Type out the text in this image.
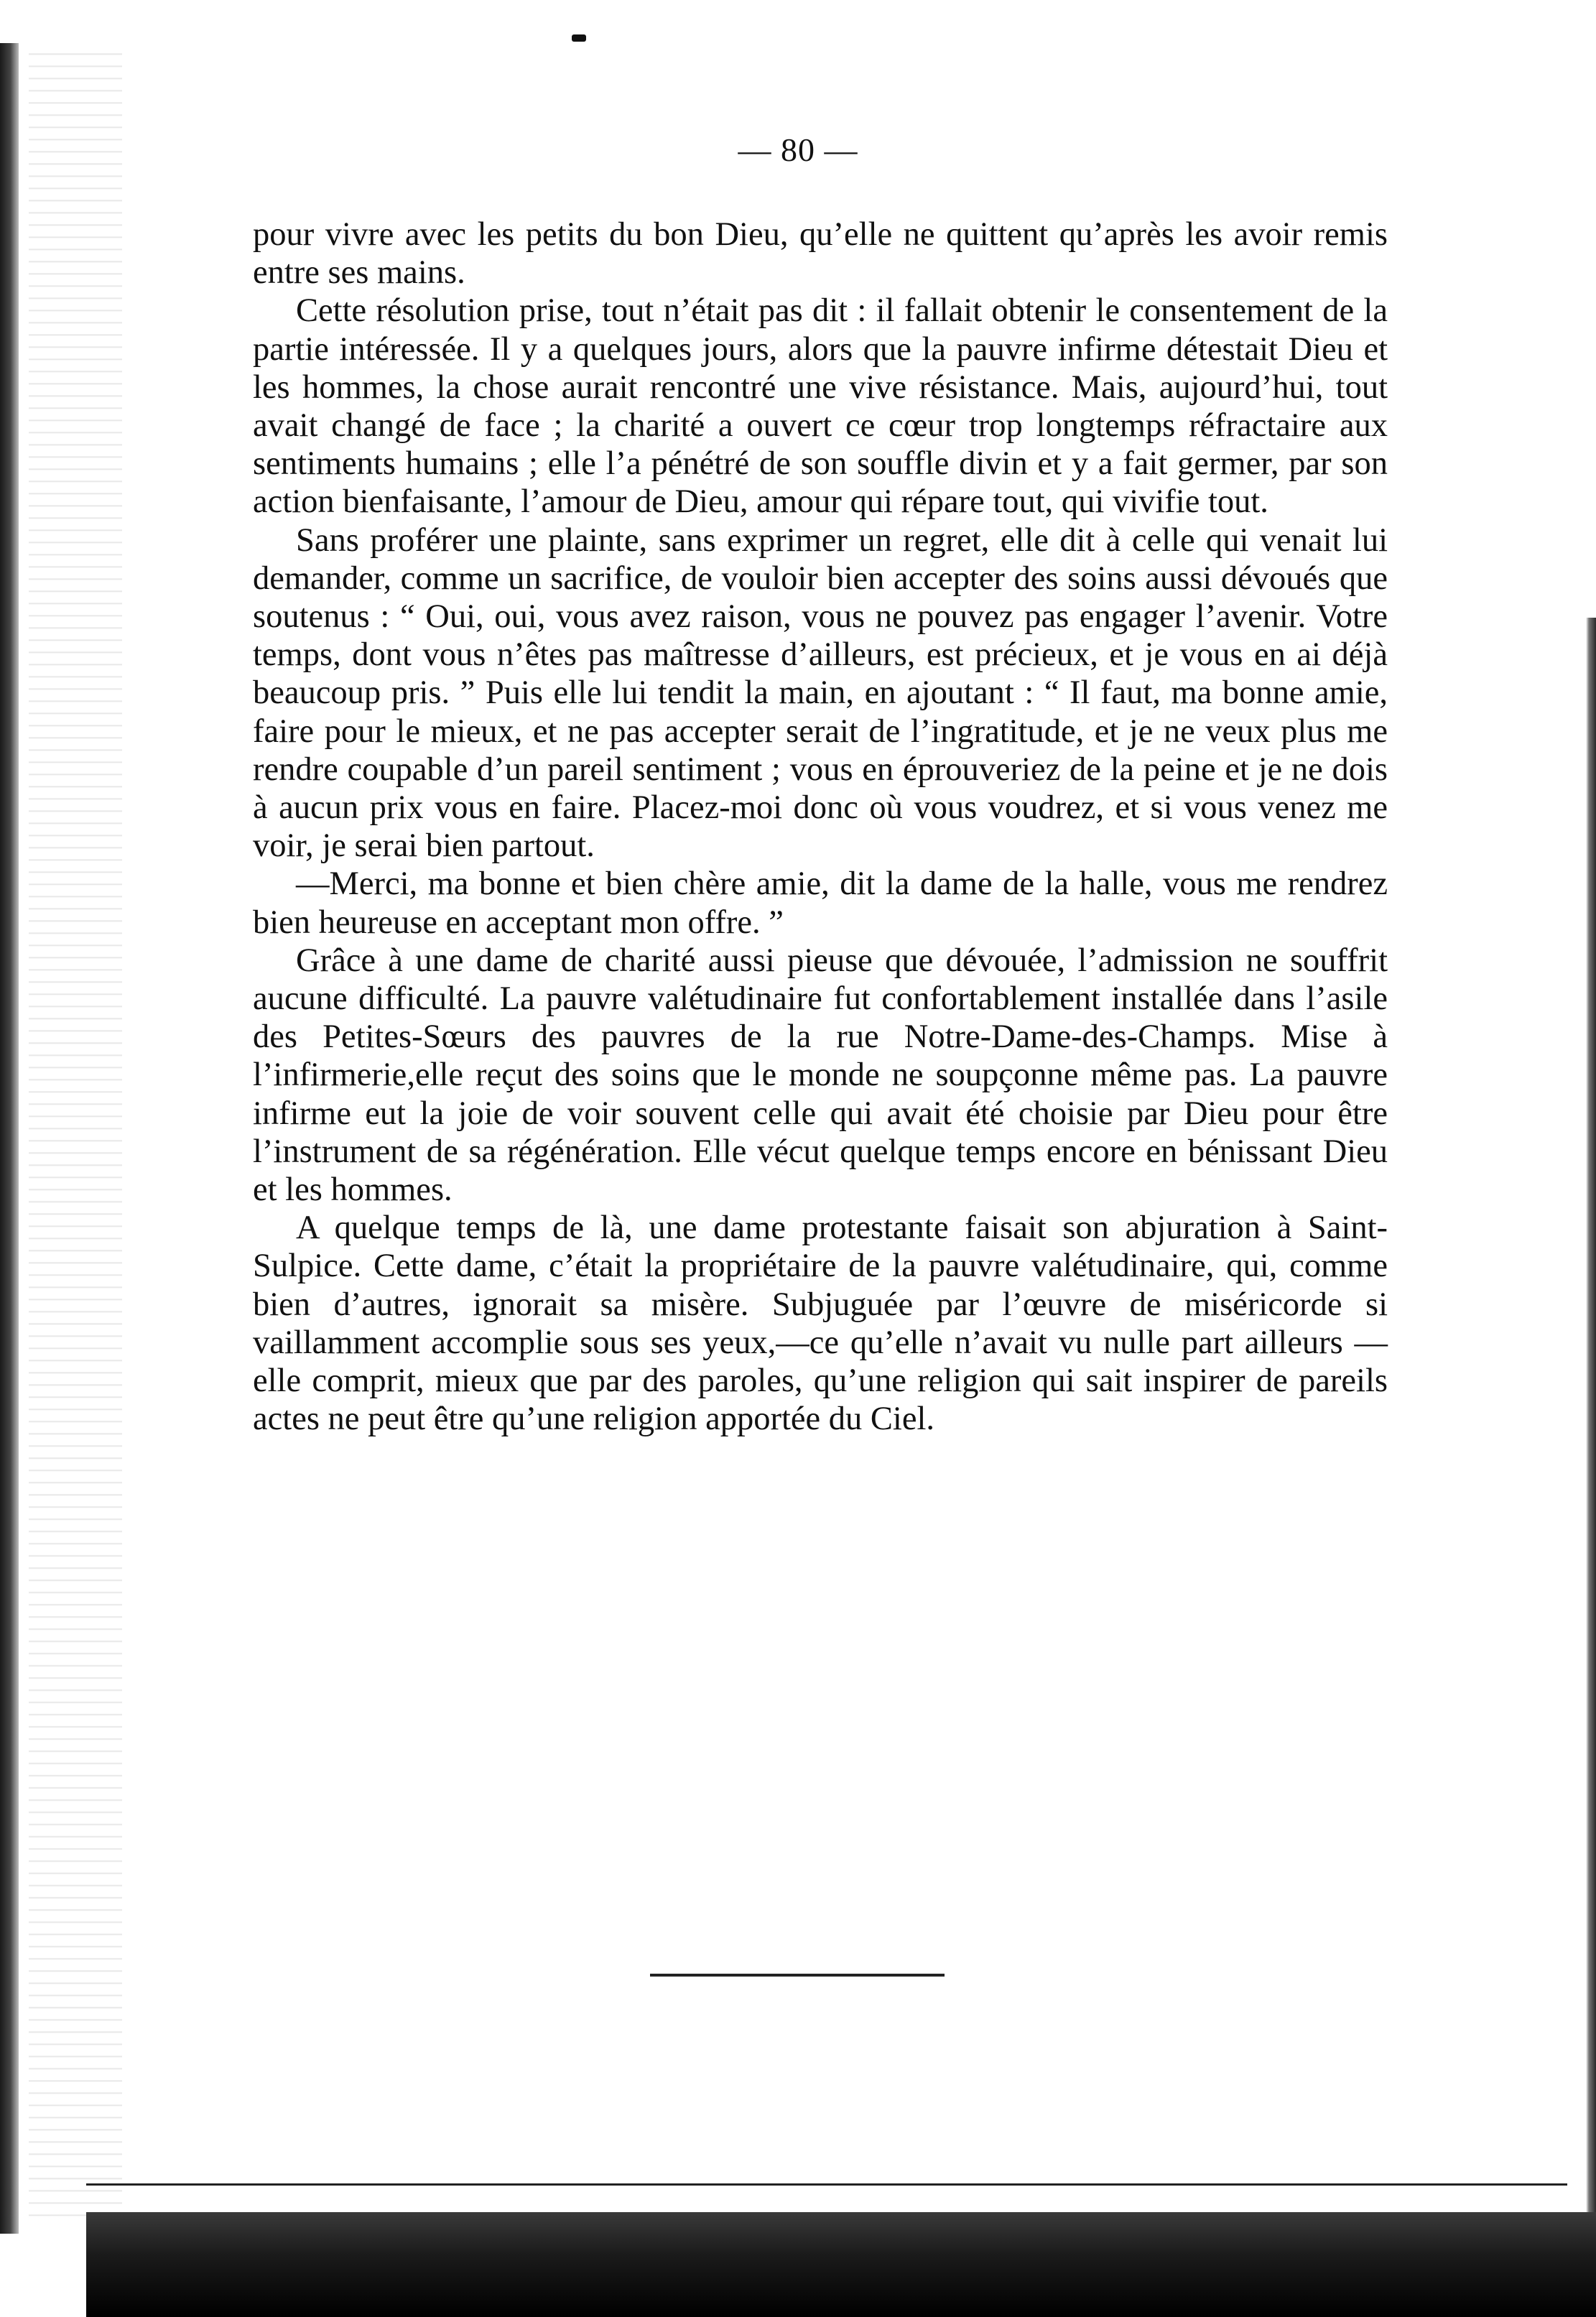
— 80 —

pour vivre avec les petits du bon Dieu, qu’elle ne quittent qu’après les avoir remis entre ses mains.

Cette résolution prise, tout n’était pas dit : il fallait obtenir le consentement de la partie intéressée. Il y a quelques jours, alors que la pauvre infirme détestait Dieu et les hommes, la chose aurait rencontré une vive résistance. Mais, aujourd’hui, tout avait changé de face ; la charité a ouvert ce cœur trop longtemps réfractaire aux sentiments humains ; elle l’a pénétré de son souffle divin et y a fait germer, par son action bienfaisante, l’amour de Dieu, amour qui répare tout, qui vivifie tout.

Sans proférer une plainte, sans exprimer un regret, elle dit à celle qui venait lui demander, comme un sacrifice, de vouloir bien accepter des soins aussi dévoués que soutenus : “ Oui, oui, vous avez raison, vous ne pouvez pas engager l’avenir. Votre temps, dont vous n’êtes pas maîtresse d’ailleurs, est précieux, et je vous en ai déjà beaucoup pris. ” Puis elle lui tendit la main, en ajoutant : “ Il faut, ma bonne amie, faire pour le mieux, et ne pas accepter serait de l’ingratitude, et je ne veux plus me rendre coupable d’un pareil sentiment ; vous en éprouveriez de la peine et je ne dois à aucun prix vous en faire. Placez-moi donc où vous voudrez, et si vous venez me voir, je serai bien partout.

—Merci, ma bonne et bien chère amie, dit la dame de la halle, vous me rendrez bien heureuse en acceptant mon offre. ”

Grâce à une dame de charité aussi pieuse que dévouée, l’admission ne souffrit aucune difficulté. La pauvre valétudinaire fut confortablement installée dans l’asile des Petites-Sœurs des pauvres de la rue Notre-Dame-des-Champs. Mise à l’infirmerie,elle reçut des soins que le monde ne soupçonne même pas. La pauvre infirme eut la joie de voir souvent celle qui avait été choisie par Dieu pour être l’instrument de sa régénération. Elle vécut quelque temps encore en bénissant Dieu et les hommes.

A quelque temps de là, une dame protestante faisait son abjuration à Saint-Sulpice. Cette dame, c’était la propriétaire de la pauvre valétudinaire, qui, comme bien d’autres, ignorait sa misère. Subjuguée par l’œuvre de miséricorde si vaillamment accomplie sous ses yeux,—ce qu’elle n’avait vu nulle part ailleurs —elle comprit, mieux que par des paroles, qu’une religion qui sait inspirer de pareils actes ne peut être qu’une religion apportée du Ciel.
